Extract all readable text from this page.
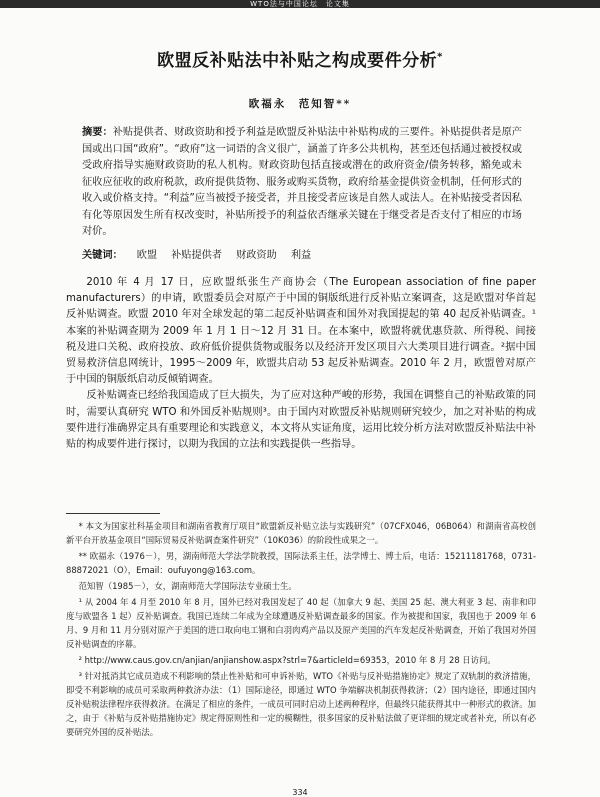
WTO法与中国论坛　论文集
欧盟反补贴法中补贴之构成要件分析*
欧福永　范知智**
摘要：补贴提供者、财政资助和授予利益是欧盟反补贴法中补贴构成的三要件。补贴提供者是原产国或出口国“政府”。“政府”这一词语的含义很广，涵盖了许多公共机构，甚至还包括通过被授权或受政府指导实施财政资助的私人机构。财政资助包括直接或潜在的政府资金/债务转移，豁免或未征收应征收的政府税款，政府提供货物、服务或购买货物，政府给基金提供资金机制，任何形式的收入或价格支持。“利益”应当被授予接受者，并且接受者应该是自然人或法人。在补贴接受者因私有化等原因发生所有权改变时，补贴所授予的利益依否继承关键在于继受者是否支付了相应的市场对价。
关键词： 欧盟 补贴提供者 财政资助 利益

2010 年 4 月 17 日，应欧盟纸张生产商协会（The European association of fine paper manufacturers）的申请，欧盟委员会对原产于中国的铜版纸进行反补贴立案调查，这是欧盟对华首起反补贴调查。欧盟 2010 年对全球发起的第二起反补贴调查和国外对我国提起的第 40 起反补贴调查。¹本案的补贴调查期为 2009 年 1 月 1 日～12 月 31 日。在本案中，欧盟将就优惠贷款、所得税、间接税及进口关税、政府投放、政府低价提供货物或服务以及经济开发区项目六大类项目进行调查。²据中国贸易救济信息网统计，1995～2009 年，欧盟共启动 53 起反补贴调查。2010 年 2 月，欧盟曾对原产于中国的铜版纸启动反倾销调查。

反补贴调查已经给我国造成了巨大损失，为了应对这种严峻的形势，我国在调整自己的补贴政策的同时，需要认真研究 WTO 和外国反补贴规则³。由于国内对欧盟反补贴规则研究较少，加之对补贴的构成要件进行准确界定具有重要理论和实践意义，本文将从实证角度，运用比较分析方法对欧盟反补贴法中补贴的构成要件进行探讨，以期为我国的立法和实践提供一些指导。

* 本文为国家社科基金项目和湖南省教育厅项目“欧盟新反补贴立法与实践研究”（07CFX046，06B064）和湖南省高校创新平台开放基金项目“国际贸易反补贴调查案件研究”（10K036）的阶段性成果之一。

** 欧福永（1976－），男，湖南师范大学法学院教授，国际法系主任，法学博士、博士后，电话：15211181768，0731-88872021（O），Email：oufuyong@163.com。

范知智（1985－），女，湖南师范大学国际法专业硕士生。

¹ 从 2004 年 4 月至 2010 年 8 月，国外已经对我国发起了 40 起（加拿大 9 起、美国 25 起、澳大利亚 3 起、南非和印度与欧盟各 1 起）反补贴调查。我国已连续二年成为全球遭遇反补贴调查最多的国家。作为被提和国家，我国也于 2009 年 6 月、9 月和 11 月分别对原产于美国的进口取向电工钢和白羽肉鸡产品以及原产美国的汽车发起反补贴调查，开始了我国对外国反补贴调查的序幕。

² http://www.caus.gov.cn/anjian/anjianshow.aspx?strl=7&articleId=69353，2010 年 8 月 28 日访问。

³ 针对抵消其它成员造成不利影响的禁止性补贴和可申诉补贴，WTO《补贴与反补贴措施协定》规定了双轨制的救济措施，即受不利影响的成员可采取两种救济办法：（1）国际途径，即通过 WTO 争端解决机制获得救济；（2）国内途径，即通过国内反补贴税法律程序获得救济。在满足了相应的条件，一成员可同时启动上述两种程序，但最终只能获得其中一种形式的救济。加之，由于《补贴与反补贴措施协定》规定得原则性和一定的模糊性，很多国家的反补贴法做了更详细的规定或者补充，所以有必要研究外国的反补贴法。

334
